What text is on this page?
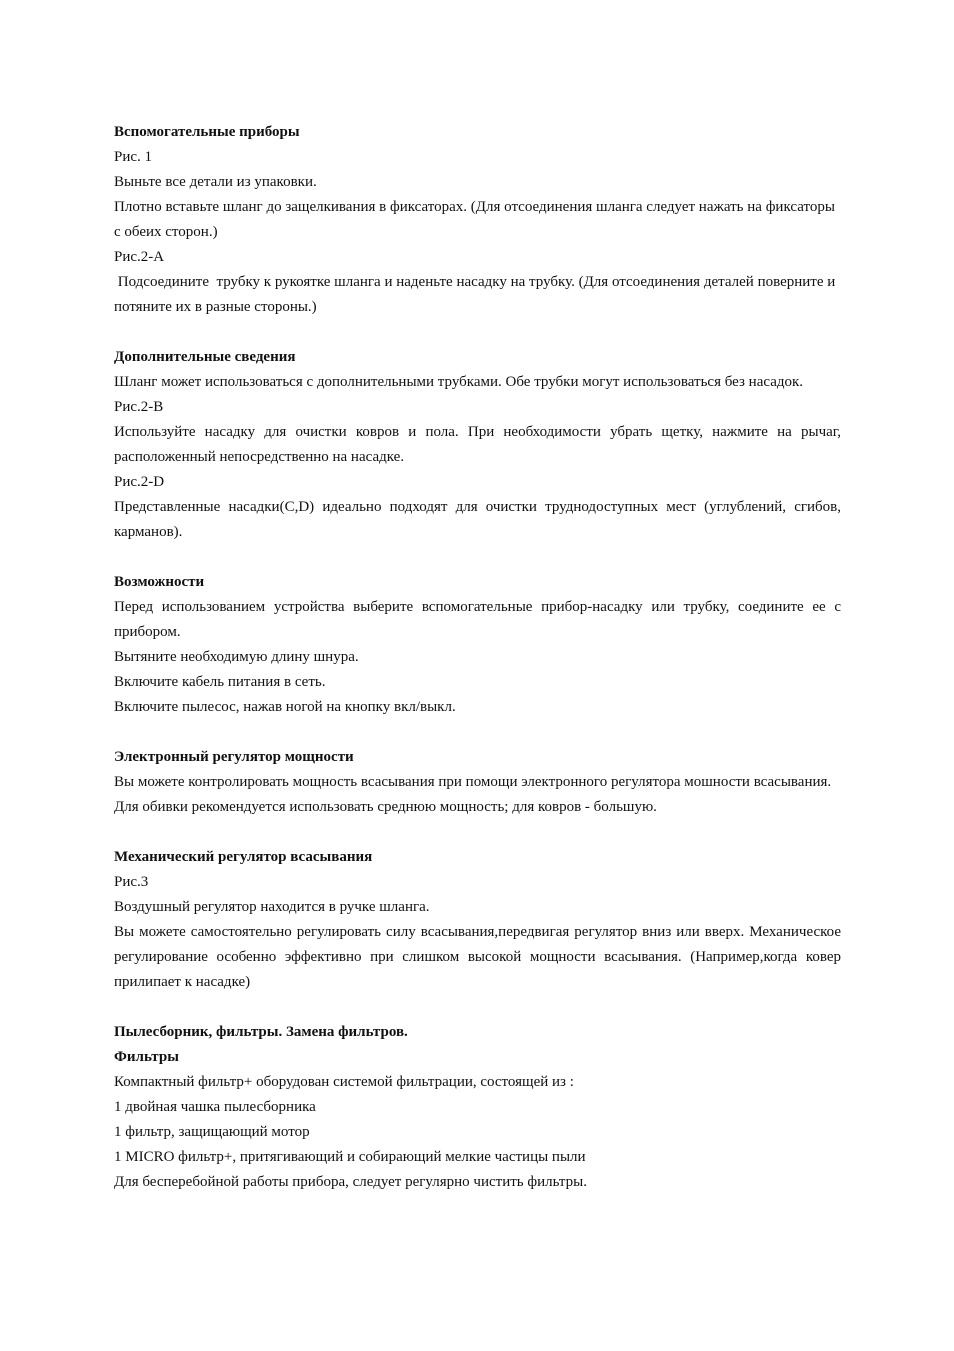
Вспомогательные приборы

Рис. 1

Выньте все детали из упаковки.

Плотно вставьте шланг до защелкивания в фиксаторах. (Для отсоединения шланга следует нажать на фиксаторы с обеих сторон.)

Рис.2-A

Подсоедините  трубку к рукоятке шланга и наденьте насадку на трубку. (Для отсоединения деталей поверните и потяните их в разные стороны.)

Дополнительные сведения

Шланг может использоваться с дополнительными трубками. Обе трубки могут использоваться без насадок.

Рис.2-B

Используйте насадку для очистки ковров и пола. При необходимости убрать щетку, нажмите на рычаг, расположенный непосредственно на насадке.

Рис.2-D

Представленные насадки(C,D) идеально подходят для очистки труднодоступных мест (углублений, сгибов, карманов).

Возможности

Перед использованием устройства выберите вспомогательные прибор-насадку или трубку, соедините ее с прибором.

Вытяните необходимую длину шнура.

Включите кабель питания в сеть.

Включите пылесос, нажав ногой на кнопку вкл/выкл.

Электронный регулятор мощности

Вы можете контролировать мощность всасывания при помощи электронного регулятора мошности всасывания.

Для обивки рекомендуется использовать среднюю мощность; для ковров - большую.

Механический регулятор всасывания

Рис.3

Воздушный регулятор находится в ручке шланга.

Вы можете самостоятельно регулировать силу всасывания,передвигая регулятор вниз или вверх. Механическое регулирование особенно эффективно при слишком высокой мощности всасывания. (Например,когда ковер прилипает к насадке)

Пылесборник, фильтры. Замена фильтров.

Фильтры

Компактный фильтр+ оборудован системой фильтрации, состоящей из :

1 двойная чашка пылесборника

1 фильтр, защищающий мотор

1 MICRO фильтр+, притягивающий и собирающий мелкие частицы пыли

Для бесперебойной работы прибора, следует регулярно чистить фильтры.
